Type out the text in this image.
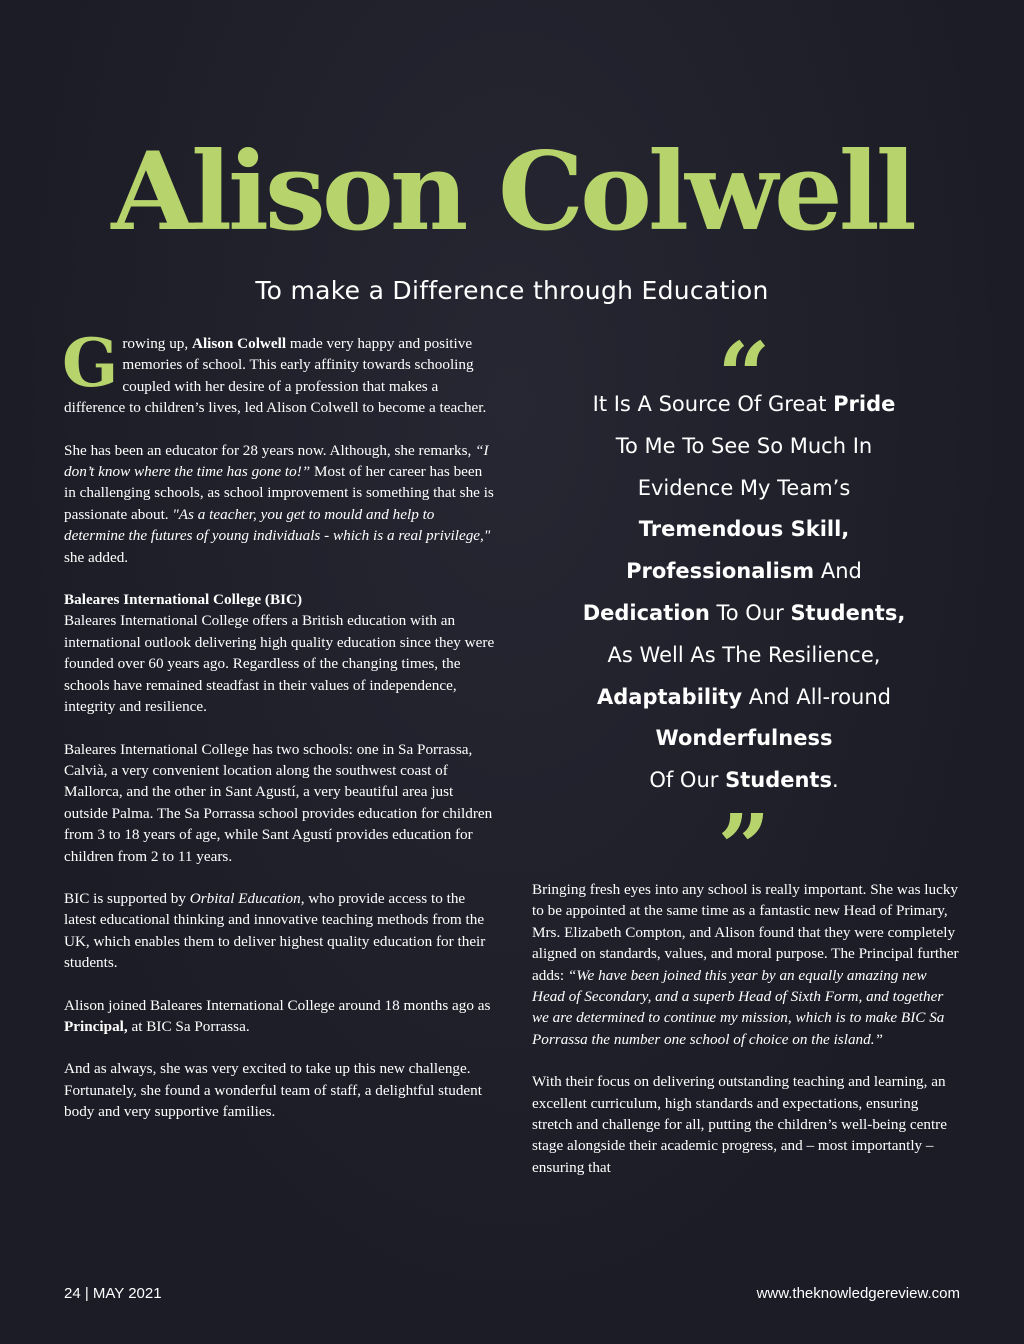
Alison Colwell
To make a Difference through Education

Growing up, Alison Colwell made very happy and positive memories of school. This early affinity towards schooling coupled with her desire of a profession that makes a difference to children’s lives, led Alison Colwell to become a teacher.

She has been an educator for 28 years now. Although, she remarks, “I don’t know where the time has gone to!” Most of her career has been in challenging schools, as school improvement is something that she is passionate about. "As a teacher, you get to mould and help to determine the futures of young individuals - which is a real privilege," she added.

Baleares International College (BIC)
Baleares International College offers a British education with an international outlook delivering high quality education since they were founded over 60 years ago. Regardless of the changing times, the schools have remained steadfast in their values of independence, integrity and resilience.

Baleares International College has two schools: one in Sa Porrassa, Calvià, a very convenient location along the southwest coast of Mallorca, and the other in Sant Agustí, a very beautiful area just outside Palma. The Sa Porrassa school provides education for children from 3 to 18 years of age, while Sant Agustí provides education for children from 2 to 11 years.

BIC is supported by Orbital Education, who provide access to the latest educational thinking and innovative teaching methods from the UK, which enables them to deliver highest quality education for their students.

Alison joined Baleares International College around 18 months ago as Principal, at BIC Sa Porrassa.

And as always, she was very excited to take up this new challenge. Fortunately, she found a wonderful team of staff, a delightful student body and very supportive families.

“
It Is A Source Of Great Pride
To Me To See So Much In
Evidence My Team’s
Tremendous Skill,
Professionalism And
Dedication To Our Students,
As Well As The Resilience,
Adaptability And All-round
Wonderfulness
Of Our Students.
”

Bringing fresh eyes into any school is really important. She was lucky to be appointed at the same time as a fantastic new Head of Primary, Mrs. Elizabeth Compton, and Alison found that they were completely aligned on standards, values, and moral purpose. The Principal further adds: “We have been joined this year by an equally amazing new Head of Secondary, and a superb Head of Sixth Form, and together we are determined to continue my mission, which is to make BIC Sa Porrassa the number one school of choice on the island.”

With their focus on delivering outstanding teaching and learning, an excellent curriculum, high standards and expectations, ensuring stretch and challenge for all, putting the children’s well-being centre stage alongside their academic progress, and – most importantly – ensuring that

24 | MAY 2021	www.theknowledgereview.com
